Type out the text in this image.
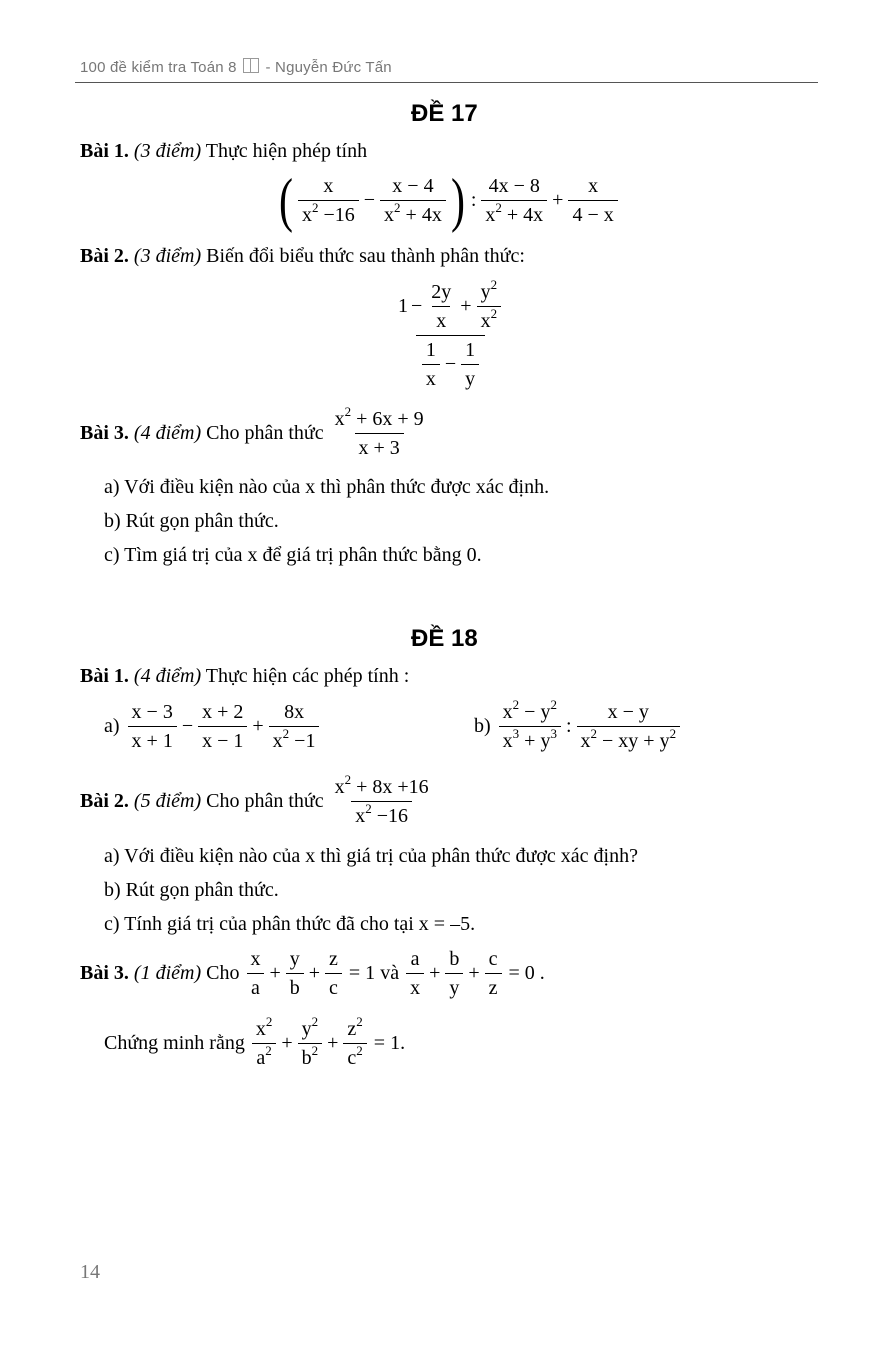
100 đề kiểm tra Toán 8 - Nguyễn Đức Tấn
ĐỀ 17
Bài 1. (3 điểm) Thực hiện phép tính
( $\frac{x}{x^2 -16} - \frac{x - 4}{x^2 + 4x}$ ) : $\frac{4x - 8}{x^2 + 4x} + \frac{x}{4 - x}$
Bài 2. (3 điểm) Biến đổi biểu thức sau thành phân thức:
$\frac{1 - \frac{2y}{x} + \frac{y^2}{x^2}}{\frac{1}{x} - \frac{1}{y}}$
Bài 3.
(4 điểm)
Cho phân thức
$\frac{x^2 + 6x + 9}{x + 3}$
a) Với điều kiện nào của x thì phân thức được xác định.
b) Rút gọn phân thức.
c) Tìm giá trị của x để giá trị phân thức bằng 0.
ĐỀ 18
Bài 1. (4 điểm) Thực hiện các phép tính :
$a) \frac{x - 3}{x + 1} - \frac{x + 2}{x - 1} + \frac{8x}{x^2 -1}$	$b) \frac{x^2 - y^2}{x^3 + y^3}$ : $\frac{x - y}{x^2 - xy + y^2}$
Bài 2.
(5 điểm)
Cho phân thức
$\frac{x^2 + 8x +16}{x^2 -16}$
a) Với điều kiện nào của x thì giá trị của phân thức được xác định?
b) Rút gọn phân thức.
c) Tính giá trị của phân thức đã cho tại x = –5.
Bài 3.
(1 điểm)
Cho
$\frac{x}{a} + \frac{y}{b} + \frac{z}{c} = 1$ và
$\frac{a}{x} + \frac{b}{y} + \frac{c}{z} = 0$ .
Chứng minh rằng
$\frac{x^2}{a^2} + \frac{y^2}{b^2} + \frac{z^2}{c^2} = 1$.
14
